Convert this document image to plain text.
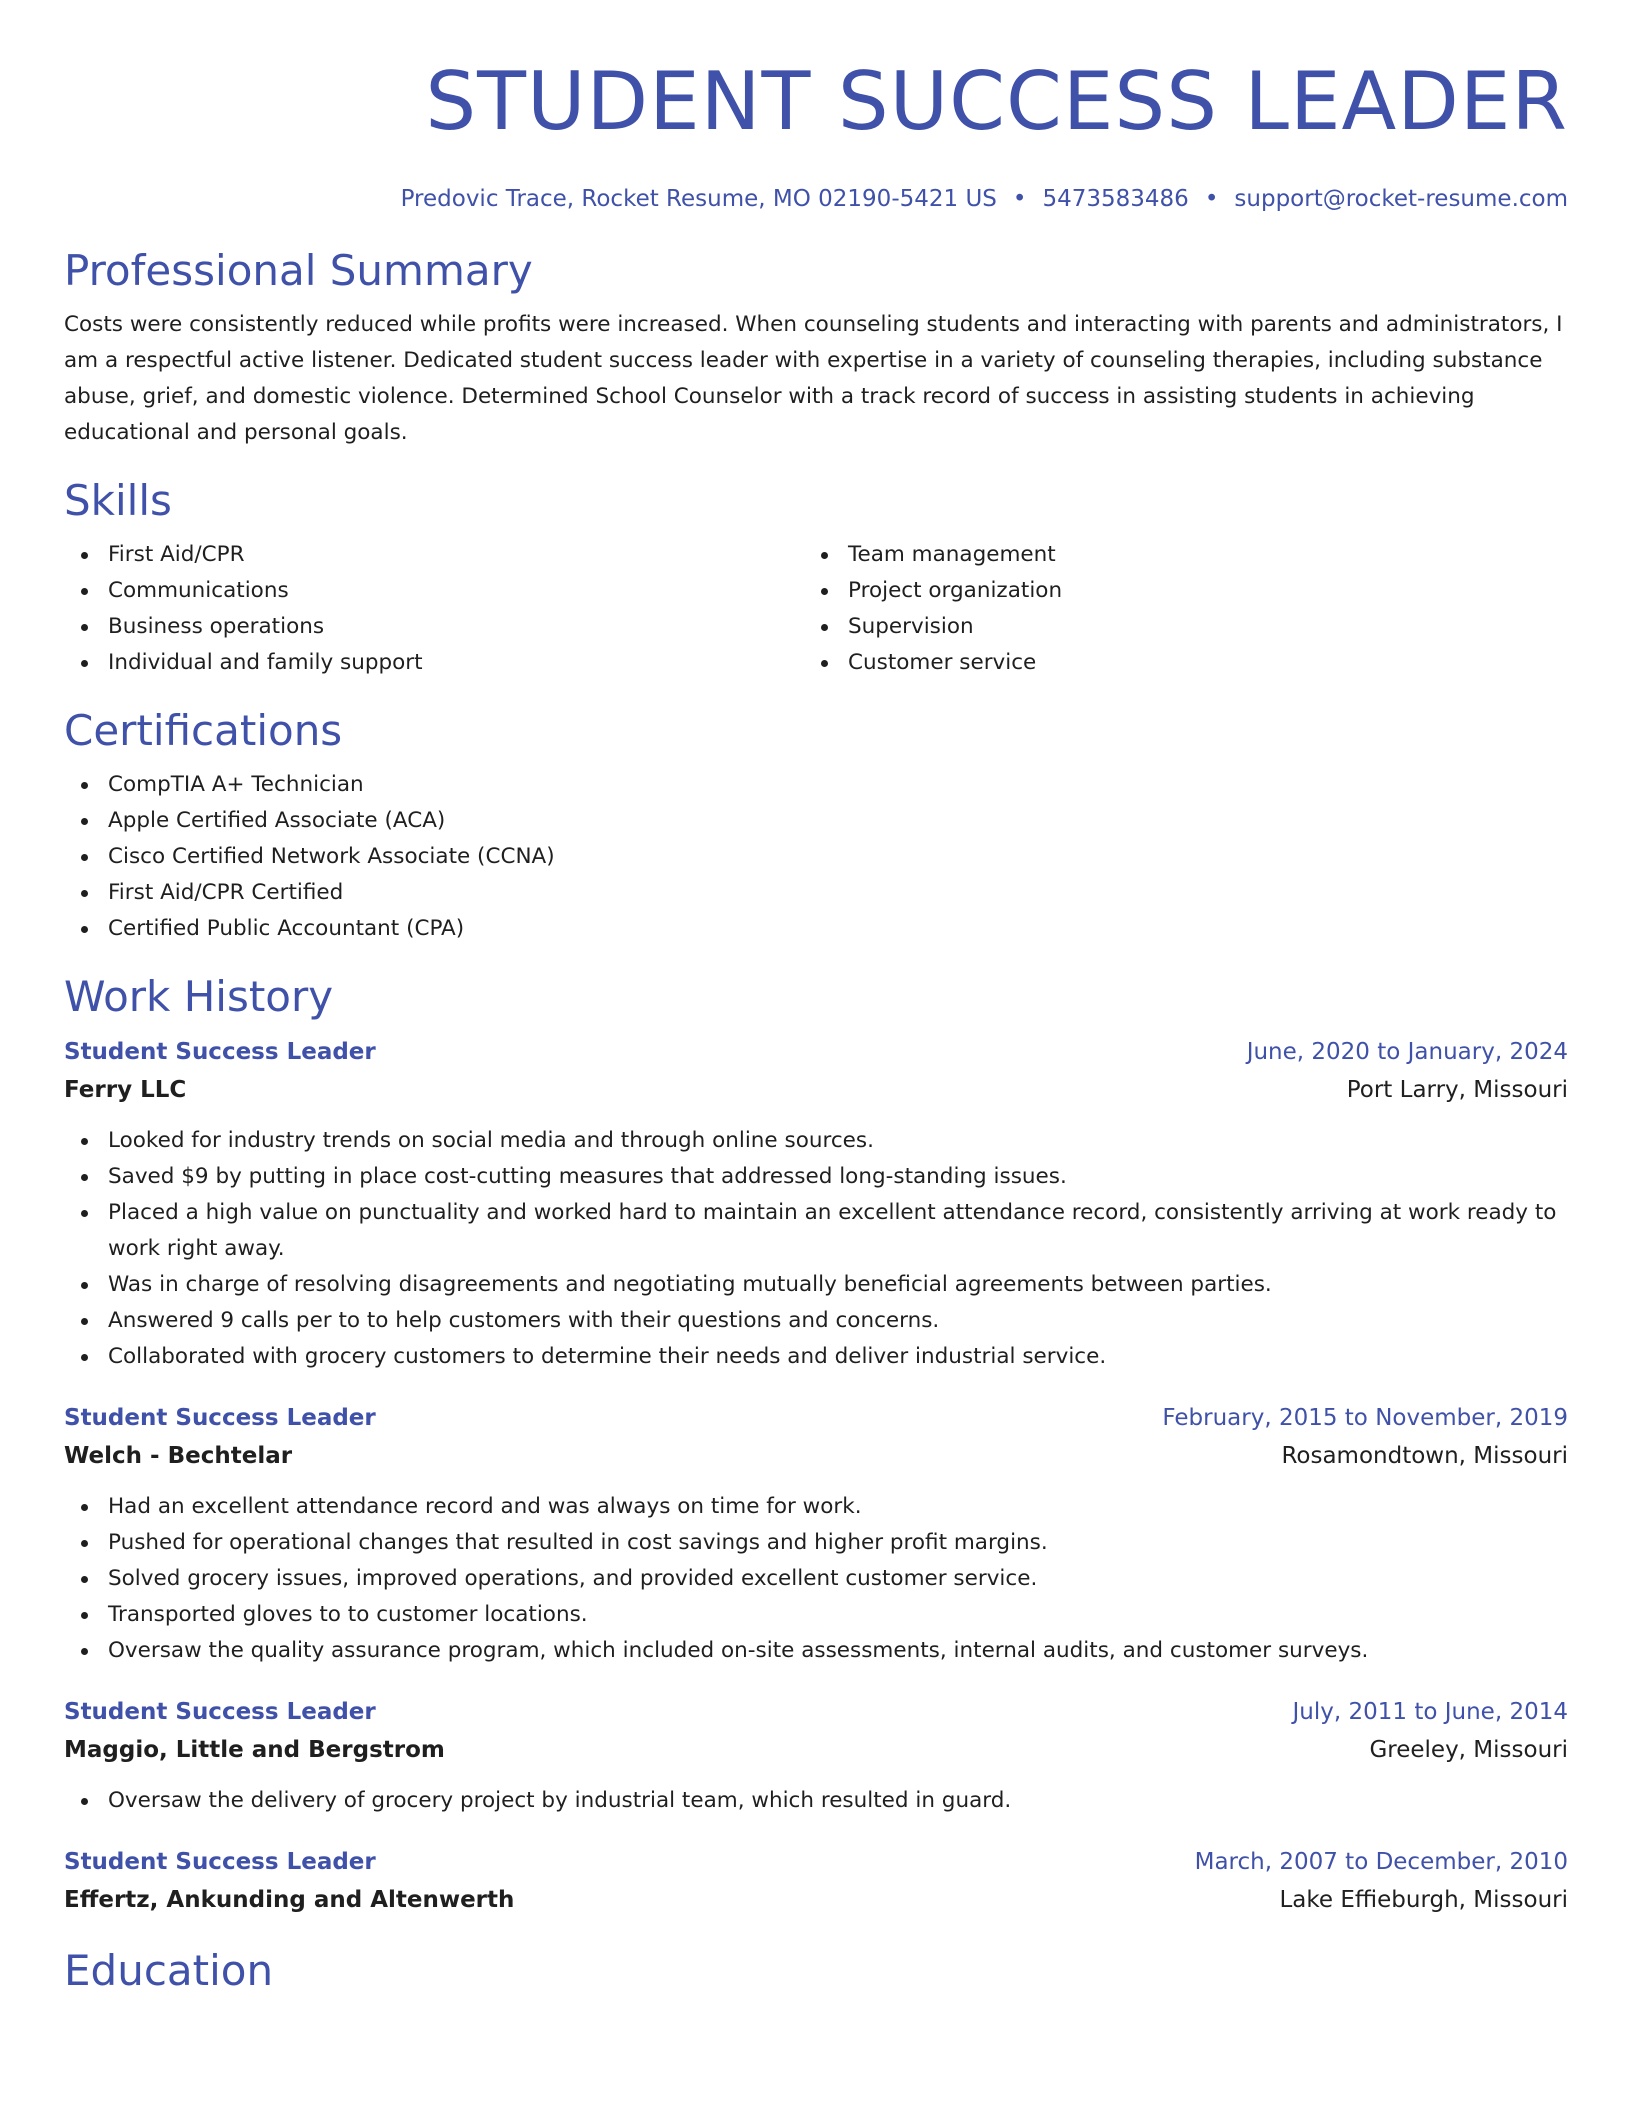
STUDENT SUCCESS LEADER
Predovic Trace, Rocket Resume, MO 02190-5421 US • 5473583486 • support@rocket-resume.com
Professional Summary

Costs were consistently reduced while profits were increased. When counseling students and interacting with parents and administrators, I am a respectful active listener. Dedicated student success leader with expertise in a variety of counseling therapies, including substance abuse, grief, and domestic violence. Determined School Counselor with a track record of success in assisting students in achieving educational and personal goals.

Skills
First Aid/CPR
Communications
Business operations
Individual and family support
Team management
Project organization
Supervision
Customer service
Certifications
CompTIA A+ Technician
Apple Certified Associate (ACA)
Cisco Certified Network Associate (CCNA)
First Aid/CPR Certified
Certified Public Accountant (CPA)
Work History
Student Success Leader	June, 2020 to January, 2024
Ferry LLC	Port Larry, Missouri
Looked for industry trends on social media and through online sources.
Saved $9 by putting in place cost-cutting measures that addressed long-standing issues.
Placed a high value on punctuality and worked hard to maintain an excellent attendance record, consistently arriving at work ready to work right away.
Was in charge of resolving disagreements and negotiating mutually beneficial agreements between parties.
Answered 9 calls per to to help customers with their questions and concerns.
Collaborated with grocery customers to determine their needs and deliver industrial service.
Student Success Leader	February, 2015 to November, 2019
Welch - Bechtelar	Rosamondtown, Missouri
Had an excellent attendance record and was always on time for work.
Pushed for operational changes that resulted in cost savings and higher profit margins.
Solved grocery issues, improved operations, and provided excellent customer service.
Transported gloves to to customer locations.
Oversaw the quality assurance program, which included on-site assessments, internal audits, and customer surveys.
Student Success Leader	July, 2011 to June, 2014
Maggio, Little and Bergstrom	Greeley, Missouri
Oversaw the delivery of grocery project by industrial team, which resulted in guard.
Student Success Leader	March, 2007 to December, 2010
Effertz, Ankunding and Altenwerth	Lake Effieburgh, Missouri
Education
